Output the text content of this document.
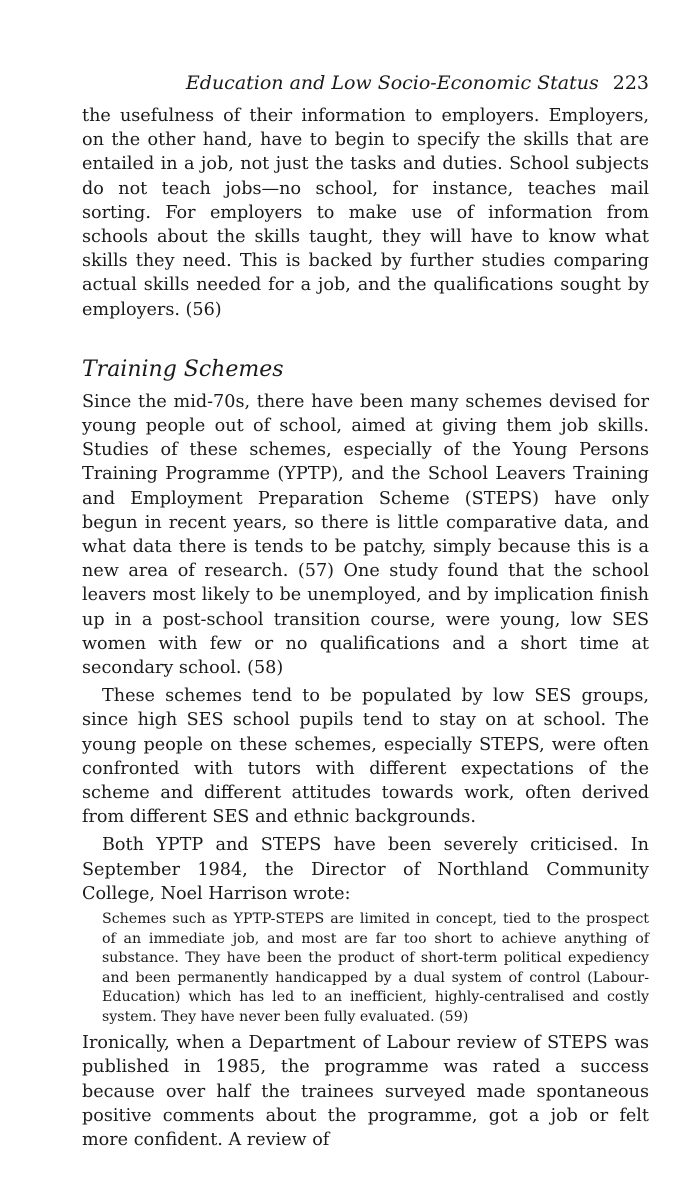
Education and Low Socio-Economic Status 223

the usefulness of their information to employers. Employers, on the other hand, have to begin to specify the skills that are entailed in a job, not just the tasks and duties. School subjects do not teach jobs—no school, for instance, teaches mail sorting. For employers to make use of information from schools about the skills taught, they will have to know what skills they need. This is backed by further studies comparing actual skills needed for a job, and the qualifications sought by employers. (56)

Training Schemes

Since the mid-70s, there have been many schemes devised for young people out of school, aimed at giving them job skills. Studies of these schemes, especially of the Young Persons Training Programme (YPTP), and the School Leavers Training and Employment Preparation Scheme (STEPS) have only begun in recent years, so there is little comparative data, and what data there is tends to be patchy, simply because this is a new area of research. (57) One study found that the school leavers most likely to be unemployed, and by implication finish up in a post-school transition course, were young, low SES women with few or no qualifications and a short time at secondary school. (58)

These schemes tend to be populated by low SES groups, since high SES school pupils tend to stay on at school. The young people on these schemes, especially STEPS, were often confronted with tutors with different expectations of the scheme and different attitudes towards work, often derived from different SES and ethnic backgrounds.

Both YPTP and STEPS have been severely criticised. In September 1984, the Director of Northland Community College, Noel Harrison wrote:

Schemes such as YPTP-STEPS are limited in concept, tied to the prospect of an immediate job, and most are far too short to achieve anything of substance. They have been the product of short-term political expediency and been permanently handicapped by a dual system of control (Labour-Education) which has led to an inefficient, highly-centralised and costly system. They have never been fully evaluated. (59)

Ironically, when a Department of Labour review of STEPS was published in 1985, the programme was rated a success because over half the trainees surveyed made spontaneous positive comments about the programme, got a job or felt more confident. A review of
